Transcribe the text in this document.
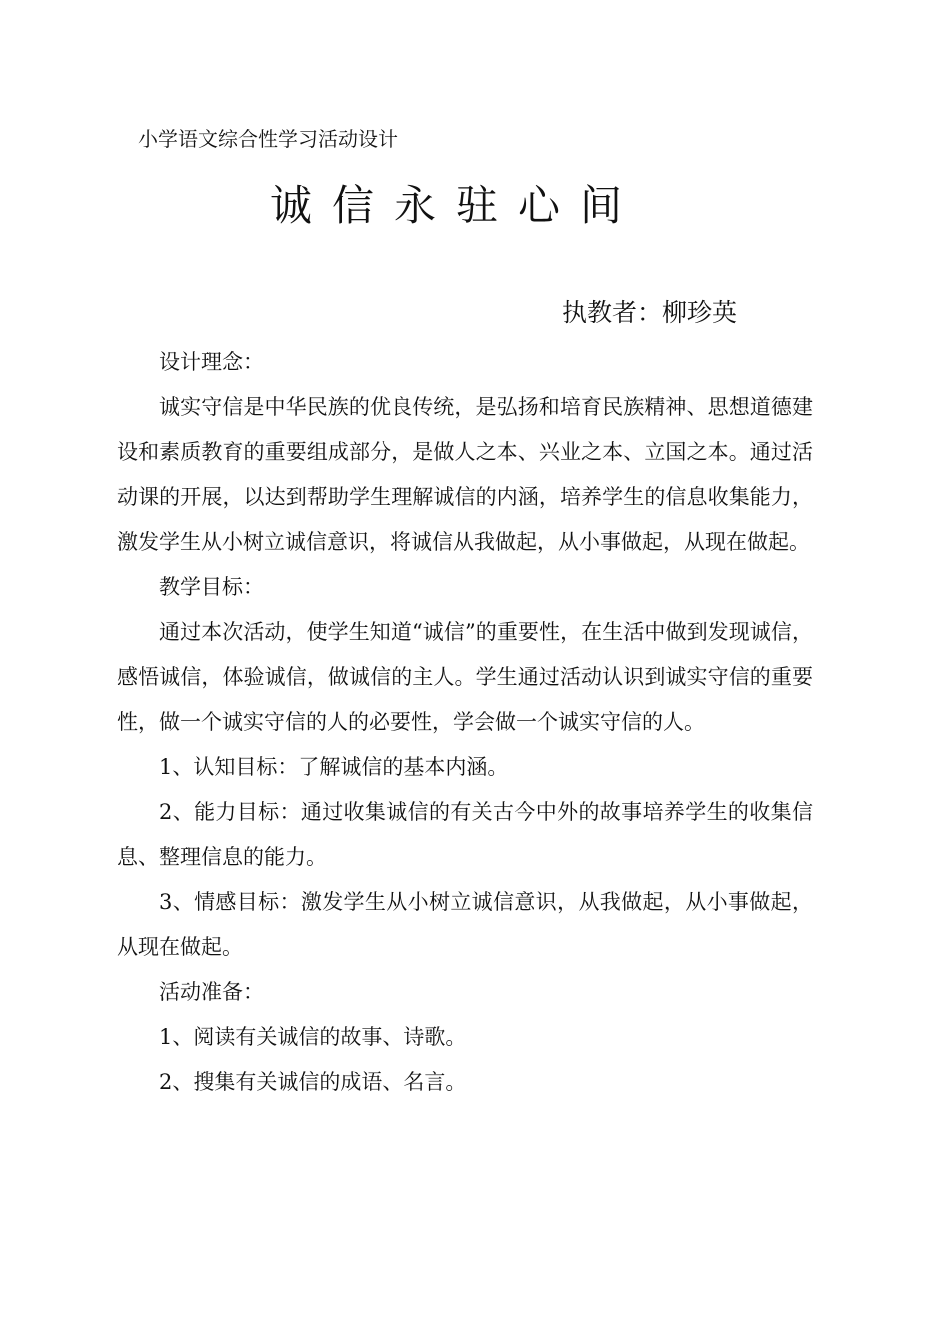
小学语文综合性学习活动设计
诚信永驻心间
执教者：柳珍英

设计理念：

诚实守信是中华民族的优良传统，是弘扬和培育民族精神、思想道德建设和素质教育的重要组成部分，是做人之本、兴业之本、立国之本。通过活动课的开展，以达到帮助学生理解诚信的内涵，培养学生的信息收集能力，激发学生从小树立诚信意识，将诚信从我做起，从小事做起，从现在做起。

教学目标：

通过本次活动，使学生知道“诚信”的重要性，在生活中做到发现诚信，感悟诚信，体验诚信，做诚信的主人。学生通过活动认识到诚实守信的重要性，做一个诚实守信的人的必要性，学会做一个诚实守信的人。

1、认知目标：了解诚信的基本内涵。

2、能力目标：通过收集诚信的有关古今中外的故事培养学生的收集信息、整理信息的能力。

3、情感目标：激发学生从小树立诚信意识，从我做起，从小事做起，从现在做起。

活动准备：

1、阅读有关诚信的故事、诗歌。

2、搜集有关诚信的成语、名言。
